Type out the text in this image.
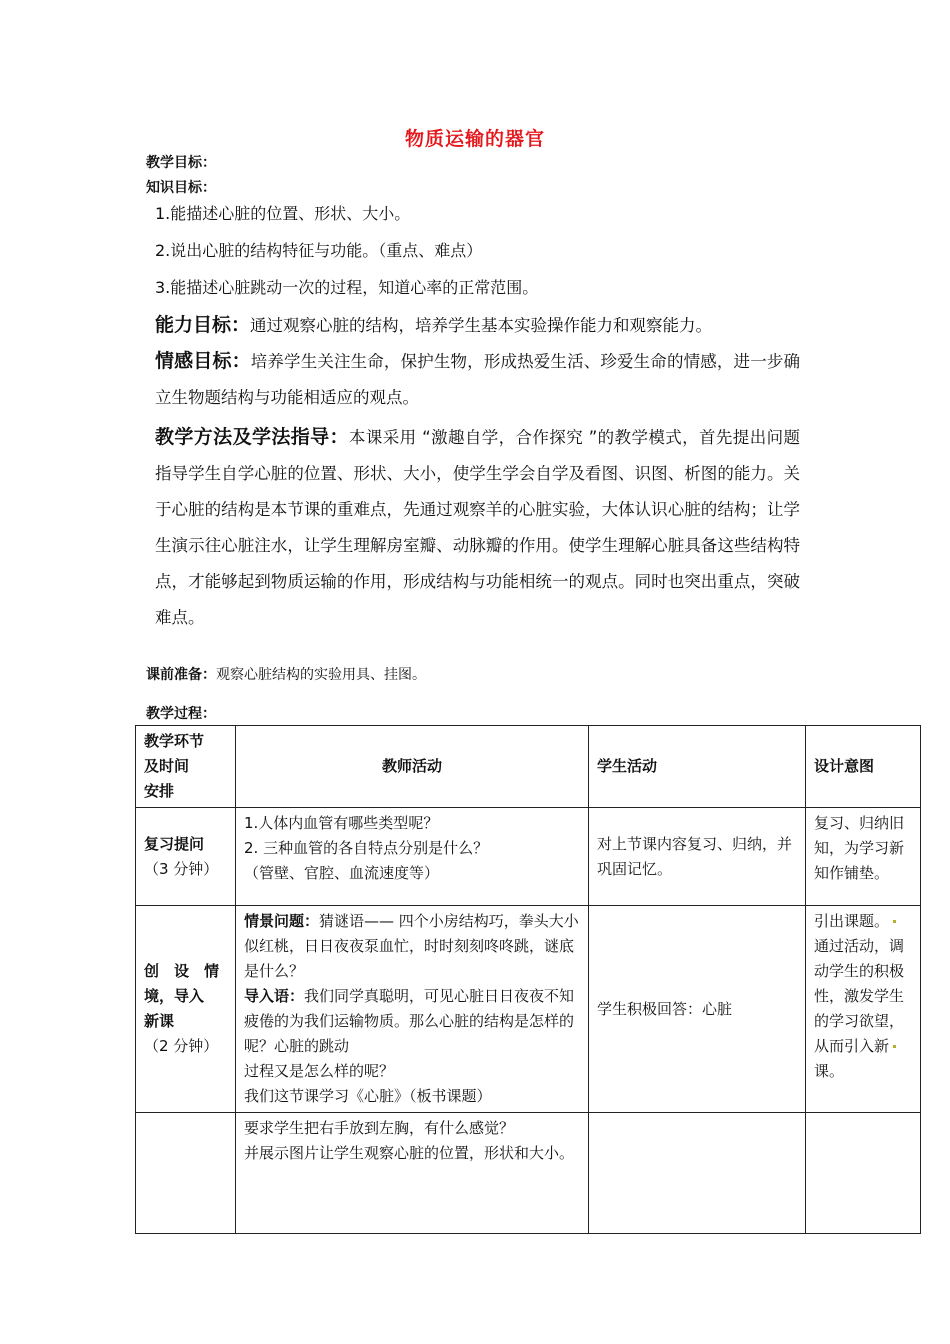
物质运输的器官
教学目标：
知识目标：
1.能描述心脏的位置、形状、大小。
2.说出心脏的结构特征与功能。（重点、难点）
3.能描述心脏跳动一次的过程，知道心率的正常范围。
能力目标：通过观察心脏的结构，培养学生基本实验操作能力和观察能力。
情感目标：培养学生关注生命，保护生物，形成热爱生活、珍爱生命的情感，进一步确立生物题结构与功能相适应的观点。
教学方法及学法指导：本课采用 “激趣自学，合作探究 ”的教学模式，首先提出问题指导学生自学心脏的位置、形状、大小，使学生学会自学及看图、识图、析图的能力。关于心脏的结构是本节课的重难点，先通过观察羊的心脏实验，大体认识心脏的结构；让学生演示往心脏注水，让学生理解房室瓣、动脉瓣的作用。使学生理解心脏具备这些结构特点，才能够起到物质运输的作用，形成结构与功能相统一的观点。同时也突出重点，突破难点。
课前准备：观察心脏结构的实验用具、挂图。
教学过程：
教学环节
及时间
安排	教师活动	学生活动	设计意图

复习提问
（3 分钟）	1.人体内血管有哪些类型呢？
2. 三种血管的各自特点分别是什么？
（管壁、官腔、血流速度等）	对上节课内容复习、归纳，并巩固记忆。	复习、归纳旧知，为学习新知作铺垫。

创　设　情
境，导入
新课
（2 分钟）	情景问题：猜谜语—— 四个小房结构巧，拳头大小似红桃，日日夜夜泵血忙，时时刻刻咚咚跳，谜底是什么？
导入语：我们同学真聪明，可见心脏日日夜夜不知疲倦的为我们运输物质。那么心脏的结构是怎样的呢？心脏的跳动
过程又是怎么样的呢？
我们这节课学习《心脏》（板书课题）	学生积极回答：心脏	引出课题。
通过活动，调动学生的积极性，激发学生的学习欲望，从而引入新
课。

	要求学生把右手放到左胸，有什么感觉？
并展示图片让学生观察心脏的位置，形状和大小。		
